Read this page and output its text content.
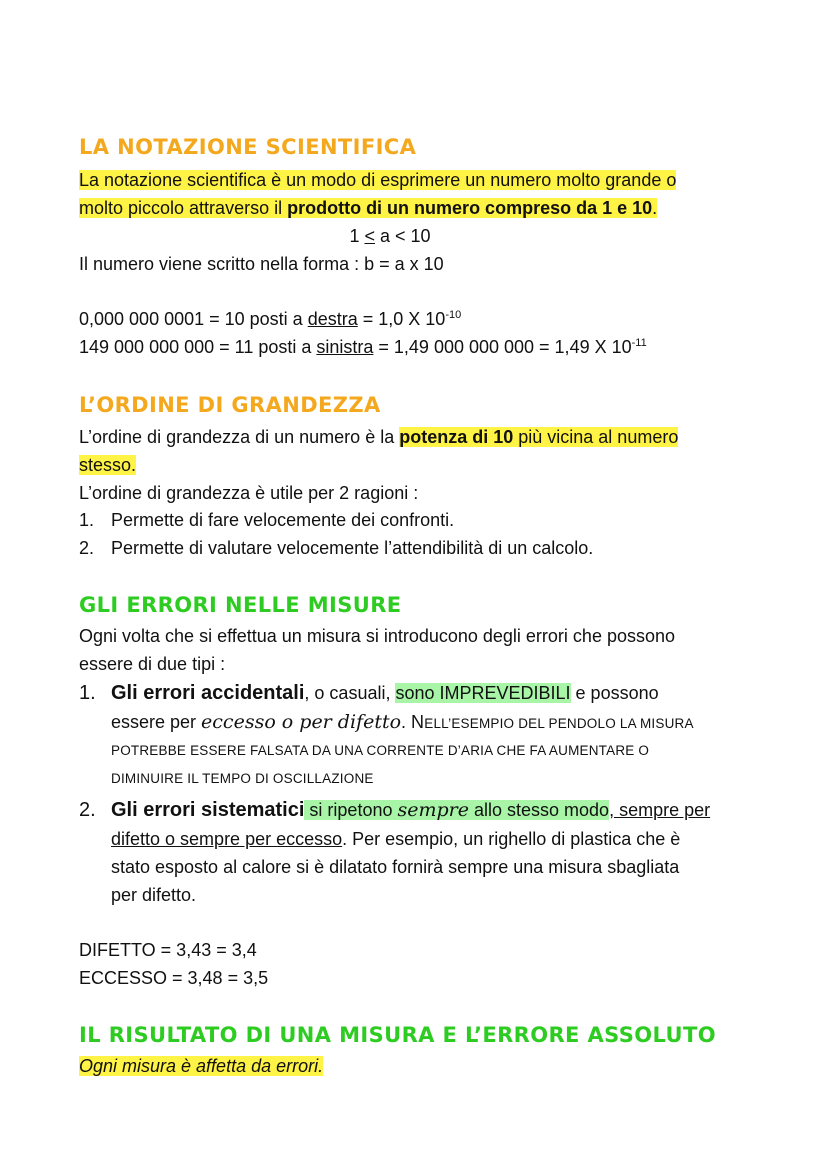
LA NOTAZIONE SCIENTIFICA
La notazione scientifica è un modo di esprimere un numero molto grande o
molto piccolo attraverso il prodotto di un numero compreso da 1 e 10.
1 < a < 10
Il numero viene scritto nella forma : b = a x 10
0,000 000 0001 = 10 posti a destra = 1,0 X $10^{-10}$
149 000 000 000 = 11 posti a sinistra = 1,49 000 000 000 = 1,49 X $10^{-11}$
L’ORDINE DI GRANDEZZA
L’ordine di grandezza di un numero è la potenza di 10 più vicina al numero
stesso.
L’ordine di grandezza è utile per 2 ragioni :
1. Permette di fare velocemente dei confronti.
2. Permette di valutare velocemente l’attendibilità di un calcolo.
GLI ERRORI NELLE MISURE
Ogni volta che si effettua un misura si introducono degli errori che possono
essere di due tipi :
1. Gli errori accidentali, o casuali, sono IMPREVEDIBILI e possono
essere per eccesso o per difetto. NELL’ESEMPIO DEL PENDOLO LA MISURA
POTREBBE ESSERE FALSATA DA UNA CORRENTE D’ARIA CHE FA AUMENTARE O
DIMINUIRE IL TEMPO DI OSCILLAZIONE
2. Gli errori sistematici si ripetono sempre allo stesso modo, sempre per
difetto o sempre per eccesso. Per esempio, un righello di plastica che è
stato esposto al calore si è dilatato fornirà sempre una misura sbagliata
per difetto.
DIFETTO = 3,43 = 3,4
ECCESSO = 3,48 = 3,5
IL RISULTATO DI UNA MISURA E L’ERRORE ASSOLUTO
Ogni misura è affetta da errori.
